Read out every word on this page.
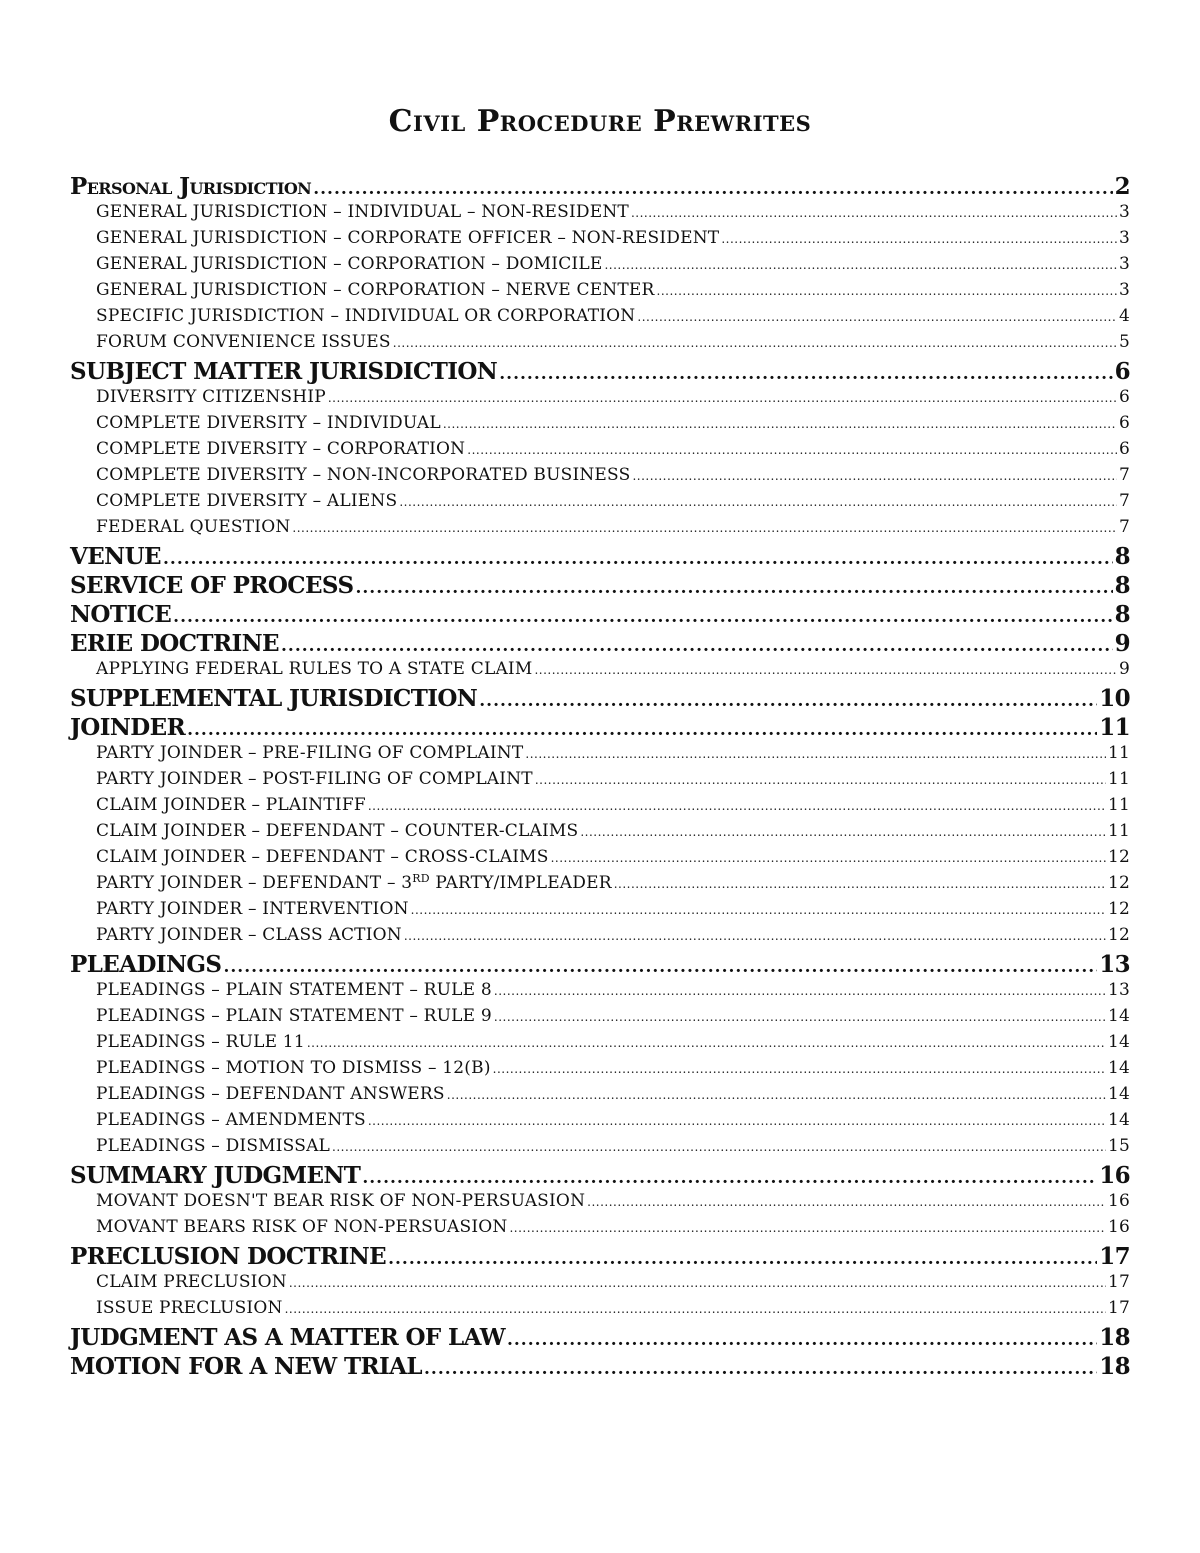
Civil Procedure Prewrites
Personal Jurisdiction .....	2
GENERAL JURISDICTION – INDIVIDUAL – NON-RESIDENT .....	3
GENERAL JURISDICTION – CORPORATE OFFICER – NON-RESIDENT .....	3
GENERAL JURISDICTION – CORPORATION – DOMICILE .....	3
GENERAL JURISDICTION – CORPORATION – NERVE CENTER .....	3
SPECIFIC JURISDICTION – INDIVIDUAL OR CORPORATION .....	4
FORUM CONVENIENCE ISSUES .....	5
SUBJECT MATTER JURISDICTION .....	6
DIVERSITY CITIZENSHIP .....	6
COMPLETE DIVERSITY – INDIVIDUAL .....	6
COMPLETE DIVERSITY – CORPORATION .....	6
COMPLETE DIVERSITY – NON-INCORPORATED BUSINESS .....	7
COMPLETE DIVERSITY – ALIENS .....	7
FEDERAL QUESTION .....	7
VENUE .....	8
SERVICE OF PROCESS .....	8
NOTICE .....	8
ERIE DOCTRINE .....	9
APPLYING FEDERAL RULES TO A STATE CLAIM .....	9
SUPPLEMENTAL JURISDICTION .....	10
JOINDER .....	11
PARTY JOINDER – PRE-FILING OF COMPLAINT .....	11
PARTY JOINDER – POST-FILING OF COMPLAINT .....	11
CLAIM JOINDER – PLAINTIFF .....	11
CLAIM JOINDER – DEFENDANT – COUNTER-CLAIMS .....	11
CLAIM JOINDER – DEFENDANT – CROSS-CLAIMS .....	12
PARTY JOINDER – DEFENDANT – 3RD PARTY/IMPLEADER .....	12
PARTY JOINDER – INTERVENTION .....	12
PARTY JOINDER – CLASS ACTION .....	12
PLEADINGS .....	13
PLEADINGS – PLAIN STATEMENT – RULE 8 .....	13
PLEADINGS – PLAIN STATEMENT – RULE 9 .....	14
PLEADINGS – RULE 11 .....	14
PLEADINGS – MOTION TO DISMISS – 12(B) .....	14
PLEADINGS – DEFENDANT ANSWERS .....	14
PLEADINGS – AMENDMENTS .....	14
PLEADINGS – DISMISSAL .....	15
SUMMARY JUDGMENT .....	16
MOVANT DOESN'T BEAR RISK OF NON-PERSUASION .....	16
MOVANT BEARS RISK OF NON-PERSUASION .....	16
PRECLUSION DOCTRINE .....	17
CLAIM PRECLUSION .....	17
ISSUE PRECLUSION .....	17
JUDGMENT AS A MATTER OF LAW .....	18
MOTION FOR A NEW TRIAL .....	18
